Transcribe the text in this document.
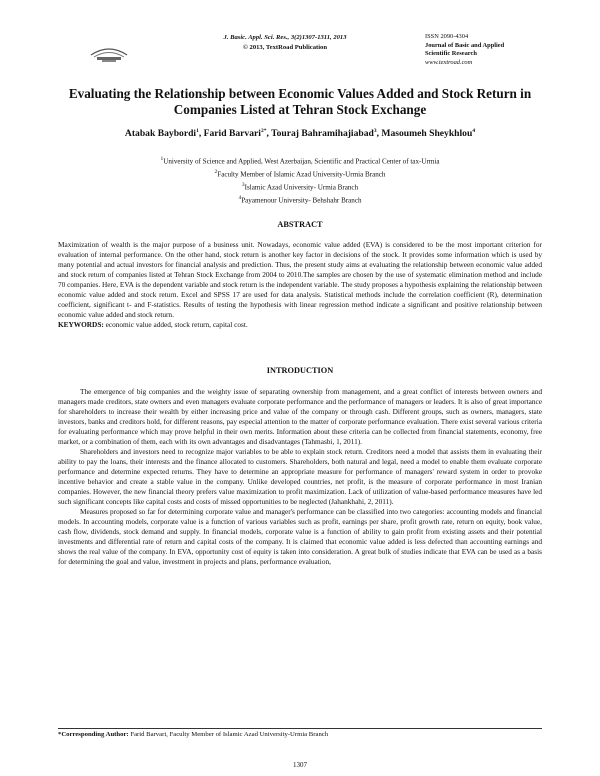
J. Basic. Appl. Sci. Res., 3(2)1307-1311, 2013
© 2013, TextRoad Publication
ISSN 2090-4304
Journal of Basic and Applied
Scientific Research
www.textroad.com
Evaluating the Relationship between Economic Values Added and Stock Return in Companies Listed at Tehran Stock Exchange
Atabak Baybordi$^1$, Farid Barvari$^{2*}$, Touraj Bahramihajiabad$^3$, Masoumeh Sheykhlou$^4$
$^1$University of Science and Applied, West Azerbaijan, Scientific and Practical Center of tax-Urmia
$^2$Faculty Member of Islamic Azad University-Urmia Branch
$^3$Islamic Azad University- Urmia Branch
$^4$Payamenour University- Behshahr Branch
ABSTRACT
Maximization of wealth is the major purpose of a business unit. Nowadays, economic value added (EVA) is considered to be the most important criterion for evaluation of internal performance. On the other hand, stock return is another key factor in decisions of the stock. It provides some information which is used by many potential and actual investors for financial analysis and prediction. Thus, the present study aims at evaluating the relationship between economic value added and stock return of companies listed at Tehran Stock Exchange from 2004 to 2010.The samples are chosen by the use of systematic elimination method and include 70 companies. Here, EVA is the dependent variable and stock return is the independent variable. The study proposes a hypothesis explaining the relationship between economic value added and stock return. Excel and SPSS 17 are used for data analysis. Statistical methods include the correlation coefficient (R), determination coefficient, significant t- and F-statistics. Results of testing the hypothesis with linear regression method indicate a significant and positive relationship between economic value added and stock return.
KEYWORDS: economic value added, stock return, capital cost.
INTRODUCTION

The emergence of big companies and the weighty issue of separating ownership from management, and a great conflict of interests between owners and managers made creditors, state owners and even managers evaluate corporate performance and the performance of managers or leaders. It is also of great importance for shareholders to increase their wealth by either increasing price and value of the company or through cash. Different groups, such as owners, managers, state investors, banks and creditors hold, for different reasons, pay especial attention to the matter of corporate performance evaluation. There exist several various criteria for evaluating performance which may prove helpful in their own merits. Information about these criteria can be collected from financial statements, economy, free market, or a combination of them, each with its own advantages and disadvantages (Tahmasbi, 1, 2011).

Shareholders and investors need to recognize major variables to be able to explain stock return. Creditors need a model that assists them in evaluating their ability to pay the loans, their interests and the finance allocated to customers. Shareholders, both natural and legal, need a model to enable them evaluate corporate performance and determine expected returns. They have to determine an appropriate measure for performance of managers' reward system in order to provoke incentive behavior and create a stable value in the company. Unlike developed countries, net profit, is the measure of corporate performance in most Iranian companies. However, the new financial theory prefers value maximization to profit maximization. Lack of utilization of value-based performance measures have led such significant concepts like capital costs and costs of missed opportunities to be neglected (Jahankhahi, 2, 2011).

Measures proposed so far for determining corporate value and manager's performance can be classified into two categories: accounting models and financial models. In accounting models, corporate value is a function of various variables such as profit, earnings per share, profit growth rate, return on equity, book value, cash flow, dividends, stock demand and supply. In financial models, corporate value is a function of ability to gain profit from existing assets and their potential investments and differential rate of return and capital costs of the company. It is claimed that economic value added is less defected than accounting earnings and shows the real value of the company. In EVA, opportunity cost of equity is taken into consideration. A great bulk of studies indicate that EVA can be used as a basis for determining the goal and value, investment in projects and plans, performance evaluation,

*Corresponding Author: Farid Barvari, Faculty Member of Islamic Azad University-Urmia Branch
1307
